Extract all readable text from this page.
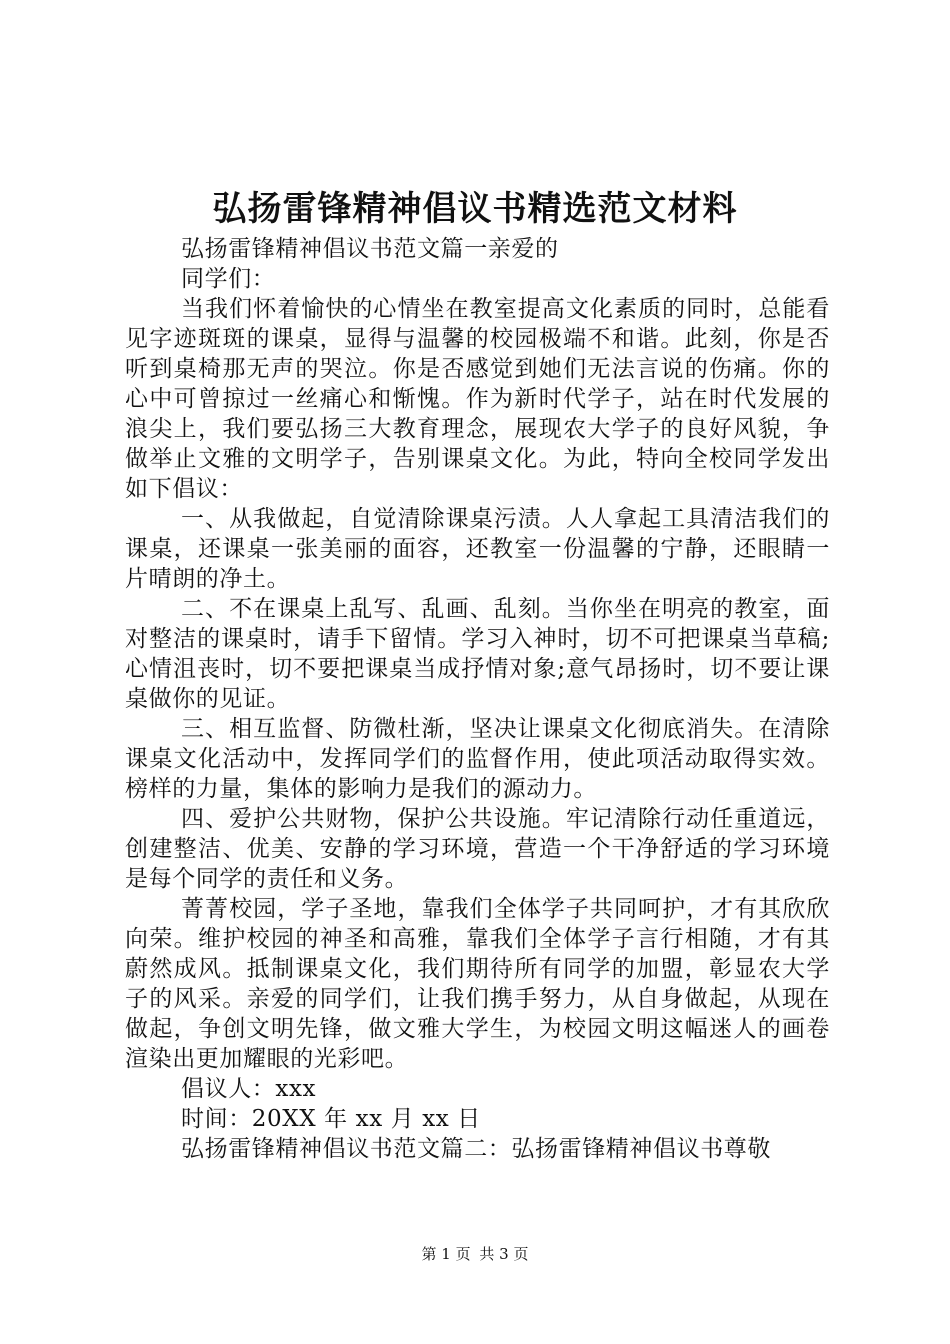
弘扬雷锋精神倡议书精选范文材料
弘扬雷锋精神倡议书范文篇一亲爱的
同学们：

当我们怀着愉快的心情坐在教室提高文化素质的同时，总能看见字迹斑斑的课桌，显得与温馨的校园极端不和谐。此刻，你是否听到桌椅那无声的哭泣。你是否感觉到她们无法言说的伤痛。你的心中可曾掠过一丝痛心和惭愧。作为新时代学子，站在时代发展的浪尖上，我们要弘扬三大教育理念，展现农大学子的良好风貌，争做举止文雅的文明学子，告别课桌文化。为此，特向全校同学发出如下倡议：

一、从我做起，自觉清除课桌污渍。人人拿起工具清洁我们的课桌，还课桌一张美丽的面容，还教室一份温馨的宁静，还眼睛一片晴朗的净土。

二、不在课桌上乱写、乱画、乱刻。当你坐在明亮的教室，面对整洁的课桌时，请手下留情。学习入神时，切不可把课桌当草稿;心情沮丧时，切不要把课桌当成抒情对象;意气昂扬时，切不要让课桌做你的见证。

三、相互监督、防微杜渐，坚决让课桌文化彻底消失。在清除课桌文化活动中，发挥同学们的监督作用，使此项活动取得实效。榜样的力量，集体的影响力是我们的源动力。

四、爱护公共财物，保护公共设施。牢记清除行动任重道远，创建整洁、优美、安静的学习环境，营造一个干净舒适的学习环境是每个同学的责任和义务。

菁菁校园，学子圣地，靠我们全体学子共同呵护，才有其欣欣向荣。维护校园的神圣和高雅，靠我们全体学子言行相随，才有其蔚然成风。抵制课桌文化，我们期待所有同学的加盟，彰显农大学子的风采。亲爱的同学们，让我们携手努力，从自身做起，从现在做起，争创文明先锋，做文雅大学生，为校园文明这幅迷人的画卷渲染出更加耀眼的光彩吧。

倡议人：xxx
时间：20XX 年 xx 月 xx 日
弘扬雷锋精神倡议书范文篇二：弘扬雷锋精神倡议书尊敬
第 1 页 共 3 页
